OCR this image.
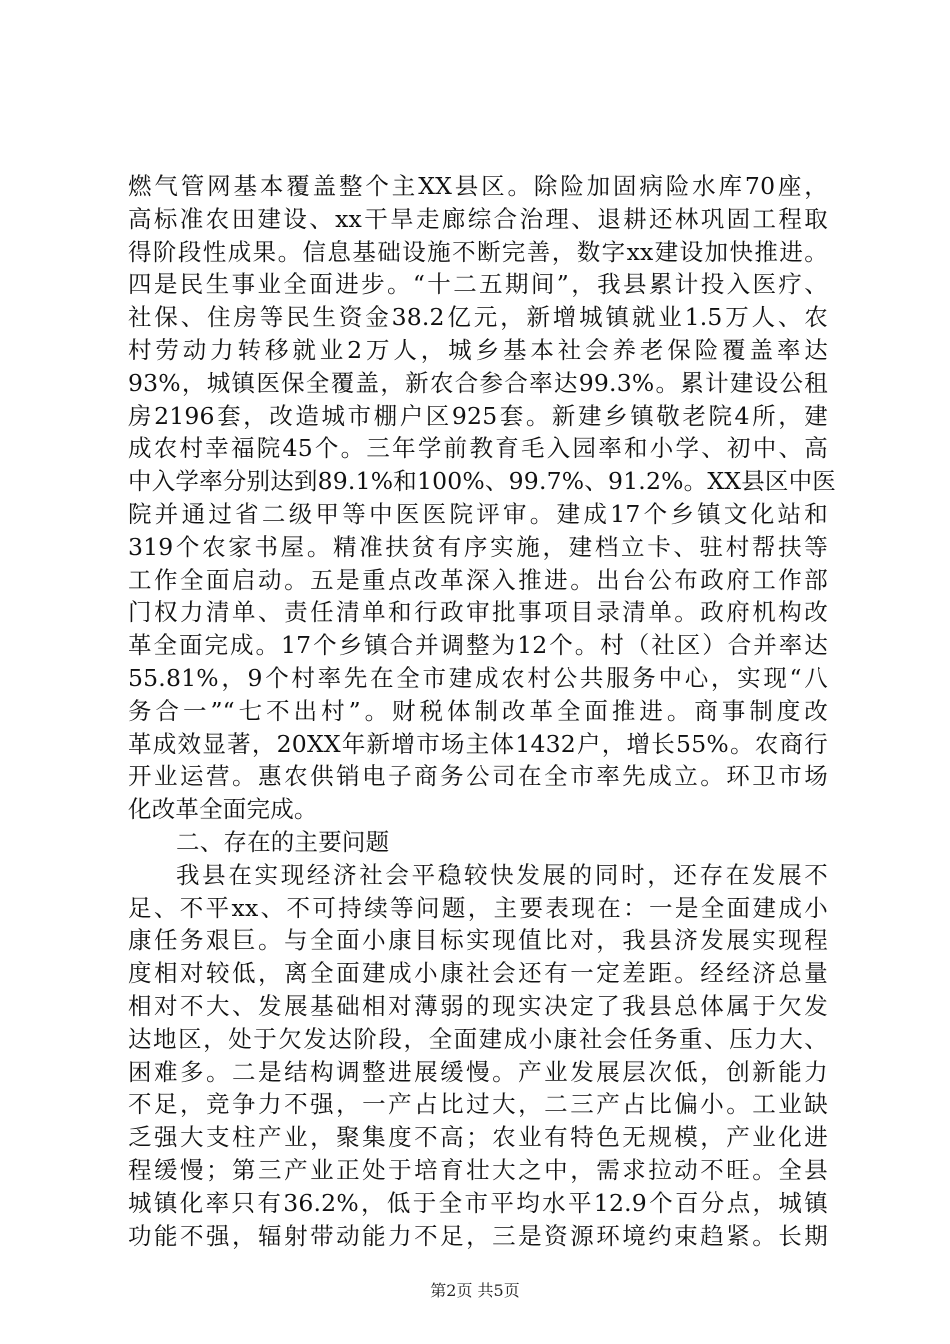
燃气管网基本覆盖整个主XX县区。除险加固病险水库70座，
高标准农田建设、xx干旱走廊综合治理、退耕还林巩固工程取
得阶段性成果。信息基础设施不断完善，数字xx建设加快推进。
四是民生事业全面进步。“十二五期间”，我县累计投入医疗、
社保、住房等民生资金38.2亿元，新增城镇就业1.5万人、农
村劳动力转移就业2万人，城乡基本社会养老保险覆盖率达
93%，城镇医保全覆盖，新农合参合率达99.3%。累计建设公租
房2196套，改造城市棚户区925套。新建乡镇敬老院4所，建
成农村幸福院45个。三年学前教育毛入园率和小学、初中、高
中入学率分别达到89.1%和100%、99.7%、91.2%。XX县区中医
院并通过省二级甲等中医医院评审。建成17个乡镇文化站和
319个农家书屋。精准扶贫有序实施，建档立卡、驻村帮扶等
工作全面启动。五是重点改革深入推进。出台公布政府工作部
门权力清单、责任清单和行政审批事项目录清单。政府机构改
革全面完成。17个乡镇合并调整为12个。村（社区）合并率达
55.81%，9个村率先在全市建成农村公共服务中心，实现“八
务合一”“七不出村”。财税体制改革全面推进。商事制度改
革成效显著，20XX年新增市场主体1432户，增长55%。农商行
开业运营。惠农供销电子商务公司在全市率先成立。环卫市场
化改革全面完成。
二、存在的主要问题
我县在实现经济社会平稳较快发展的同时，还存在发展不
足、不平xx、不可持续等问题，主要表现在：一是全面建成小
康任务艰巨。与全面小康目标实现值比对，我县济发展实现程
度相对较低，离全面建成小康社会还有一定差距。经经济总量
相对不大、发展基础相对薄弱的现实决定了我县总体属于欠发
达地区，处于欠发达阶段，全面建成小康社会任务重、压力大、
困难多。二是结构调整进展缓慢。产业发展层次低，创新能力
不足，竞争力不强，一产占比过大，二三产占比偏小。工业缺
乏强大支柱产业，聚集度不高；农业有特色无规模，产业化进
程缓慢；第三产业正处于培育壮大之中，需求拉动不旺。全县
城镇化率只有36.2%，低于全市平均水平12.9个百分点，城镇
功能不强，辐射带动能力不足，三是资源环境约束趋紧。长期
第2页 共5页
